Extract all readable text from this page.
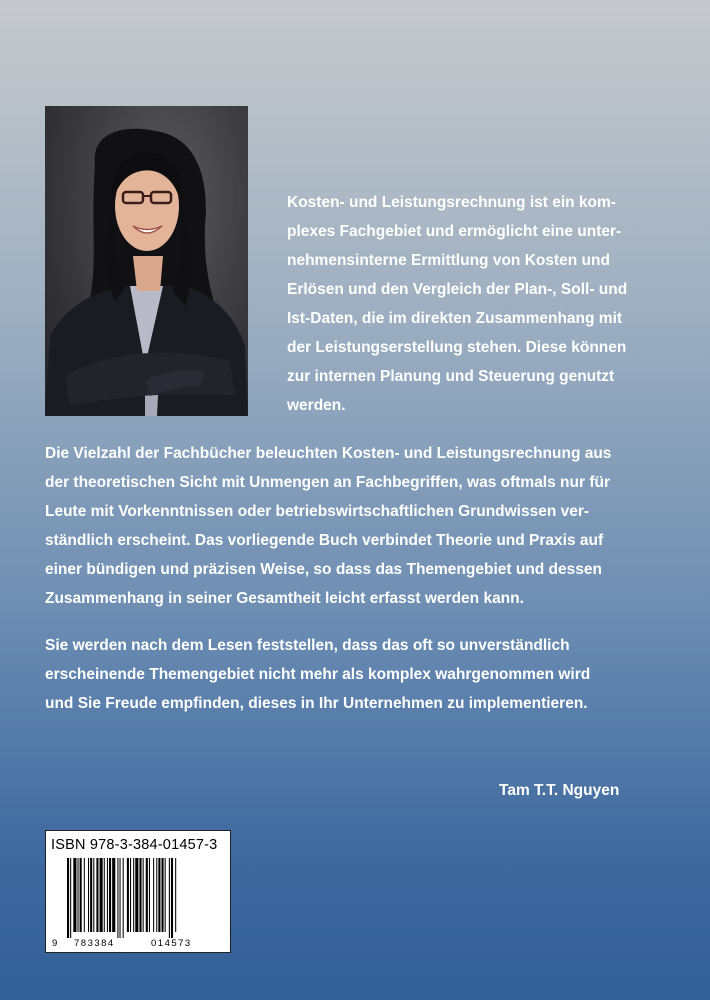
Kosten- und Leistungsrechnung ist ein kom-
plexes Fachgebiet und ermöglicht eine unter-
nehmensinterne Ermittlung von Kosten und
Erlösen und den Vergleich der Plan-, Soll- und
Ist-Daten, die im direkten Zusammenhang mit
der Leistungserstellung stehen. Diese können
zur internen Planung und Steuerung genutzt
werden.

Die Vielzahl der Fachbücher beleuchten Kosten- und Leistungsrechnung aus
der theoretischen Sicht mit Unmengen an Fachbegriffen, was oftmals nur für
Leute mit Vorkenntnissen oder betriebswirtschaftlichen Grundwissen ver-
ständlich erscheint. Das vorliegende Buch verbindet Theorie und Praxis auf
einer bündigen und präzisen Weise, so dass das Themengebiet und dessen
Zusammenhang in seiner Gesamtheit leicht erfasst werden kann.

Sie werden nach dem Lesen feststellen, dass das oft so unverständlich
erscheinende Themengebiet nicht mehr als komplex wahrgenommen wird
und Sie Freude empfinden, dieses in Ihr Unternehmen zu implementieren.

Tam T.T. Nguyen
ISBN 978-3-384-01457-3
9 783384	014573
